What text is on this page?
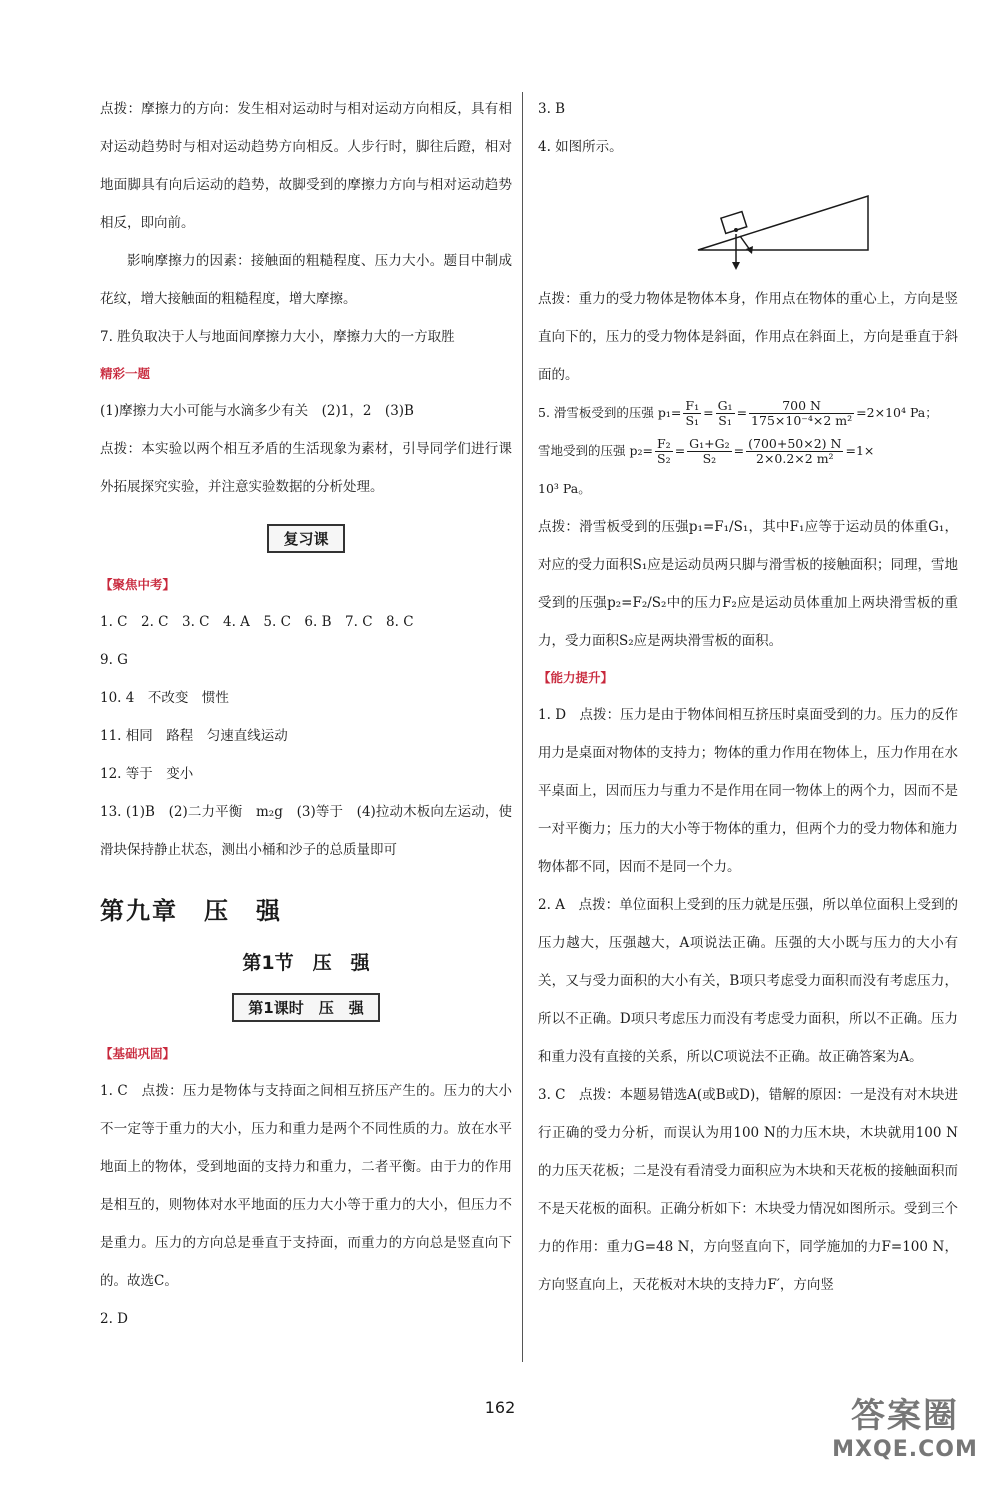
点拨：摩擦力的方向：发生相对运动时与相对运动方向相反，具有相对运动趋势时与相对运动趋势方向相反。人步行时，脚往后蹬，相对地面脚具有向后运动的趋势，故脚受到的摩擦力方向与相对运动趋势相反，即向前。
影响摩擦力的因素：接触面的粗糙程度、压力大小。题目中制成花纹，增大接触面的粗糙程度，增大摩擦。
7. 胜负取决于人与地面间摩擦力大小，摩擦力大的一方取胜
精彩一题
(1)摩擦力大小可能与水滴多少有关　(2)1，2　(3)B
点拨：本实验以两个相互矛盾的生活现象为素材，引导同学们进行课外拓展探究实验，并注意实验数据的分析处理。
复习课
【聚焦中考】
1. C　2. C　3. C　4. A　5. C　6. B　7. C　8. C
9. G
10. 4　不改变　惯性
11. 相同　路程　匀速直线运动
12. 等于　变小
13. (1)B　(2)二力平衡　m₂g　(3)等于　(4)拉动木板向左运动，使滑块保持静止状态，测出小桶和沙子的总质量即可
第九章　压　强
第1节　压　强
第1课时　压　强
【基础巩固】
1. C　点拨：压力是物体与支持面之间相互挤压产生的。压力的大小不一定等于重力的大小，压力和重力是两个不同性质的力。放在水平地面上的物体，受到地面的支持力和重力，二者平衡。由于力的作用是相互的，则物体对水平地面的压力大小等于重力的大小，但压力不是重力。压力的方向总是垂直于支持面，而重力的方向总是竖直向下的。故选C。
2. D
3. B
4. 如图所示。
点拨：重力的受力物体是物体本身，作用点在物体的重心上，方向是竖直向下的，压力的受力物体是斜面，作用点在斜面上，方向是垂直于斜面的。
5. 滑雪板受到的压强 $p_1= \frac{\text{F₁}}{\text{S₁}} = \frac{\text{G₁}}{\text{S₁}} = \frac{700 N}{\text{175×10⁻⁴×2 m²}} =2\times 10^4$ Pa；
雪地受到的压强 $p_2= \frac{\text{F₂}}{\text{S₂}} = \frac{\text{G₁+G₂}}{\text{S₂}} = \frac{(700+50\times 2) N}{\text{2×0.2×2 m²}} =1\times$
10³ Pa。
点拨：滑雪板受到的压强p₁=F₁/S₁，其中F₁应等于运动员的体重G₁，对应的受力面积S₁应是运动员两只脚与滑雪板的接触面积；同理，雪地受到的压强p₂=F₂/S₂中的压力F₂应是运动员体重加上两块滑雪板的重力，受力面积S₂应是两块滑雪板的面积。
【能力提升】
1. D　点拨：压力是由于物体间相互挤压时桌面受到的力。压力的反作用力是桌面对物体的支持力；物体的重力作用在物体上，压力作用在水平桌面上，因而压力与重力不是作用在同一物体上的两个力，因而不是一对平衡力；压力的大小等于物体的重力，但两个力的受力物体和施力物体都不同，因而不是同一个力。
2. A　点拨：单位面积上受到的压力就是压强，所以单位面积上受到的压力越大，压强越大，A项说法正确。压强的大小既与压力的大小有关，又与受力面积的大小有关，B项只考虑受力面积而没有考虑压力，所以不正确。D项只考虑压力而没有考虑受力面积，所以不正确。压力和重力没有直接的关系，所以C项说法不正确。故正确答案为A。
3. C　点拨：本题易错选A(或B或D)，错解的原因：一是没有对木块进行正确的受力分析，而误认为用100 N的力压木块，木块就用100 N的力压天花板；二是没有看清受力面积应为木块和天花板的接触面积而不是天花板的面积。正确分析如下：木块受力情况如图所示。受到三个力的作用：重力G=48 N，方向竖直向下，同学施加的力F=100 N，方向竖直向上，天花板对木块的支持力F′，方向竖
162	答案圈
MXQE.COM
